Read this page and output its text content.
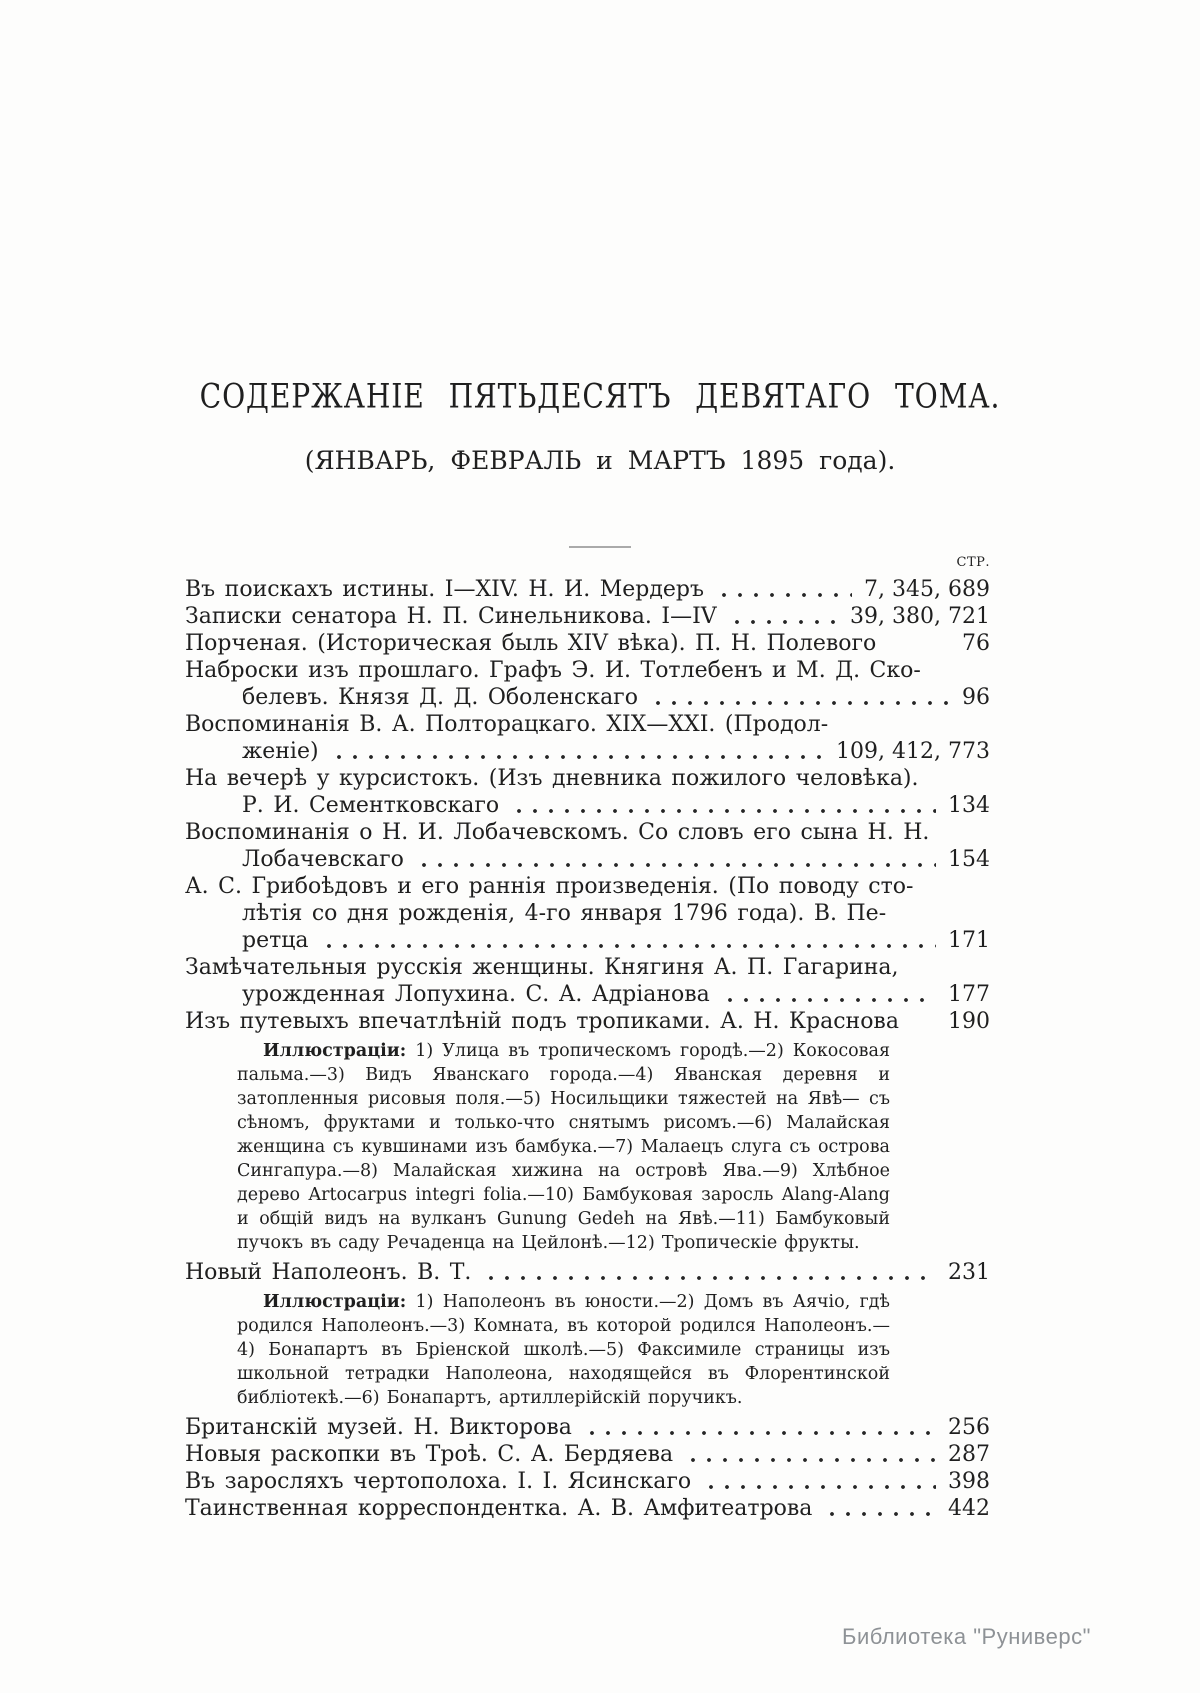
СОДЕРЖАНІЕ ПЯТЬДЕСЯТЪ ДЕВЯТАГО ТОМА.
(ЯНВАРЬ, ФЕВРАЛЬ и МАРТЪ 1895 года).
СТР.
Въ поискахъ истины. I—XIV. Н. И. Мердеръ	7, 345, 689
Записки сенатора Н. П. Синельникова. I—IV	39, 380, 721
Порченая. (Историческая быль XIV вѣка). П. Н. Полевого	76
Наброски изъ прошлаго. Графъ Э. И. Тотлебенъ и М. Д. Ско-
белевъ. Князя Д. Д. Оболенскаго	96
Воспоминанія В. А. Полторацкаго. XIX—XXI. (Продол-
женіе)	109, 412, 773
На вечерѣ у курсистокъ. (Изъ дневника пожилого человѣка).
Р. И. Сементковскаго	134
Воспоминанія о Н. И. Лобачевскомъ. Со словъ его сына Н. Н.
Лобачевскаго	154
А. С. Грибоѣдовъ и его раннія произведенія. (По поводу сто-
лѣтія со дня рожденія, 4-го января 1796 года). В. Пе-
ретца	171
Замѣчательныя русскія женщины. Княгиня А. П. Гагарина,
урожденная Лопухина. С. А. Адріанова	177
Изъ путевыхъ впечатлѣній подъ тропиками. А. Н. Краснова 190
Иллюстраціи: 1) Улица въ тропическомъ городѣ.—2) Кокосовая пальма.—3) Видъ Яванскаго города.—4) Яванская деревня и затопленныя рисовыя поля.—5) Носильщики тяжестей на Явѣ— съ сѣномъ, фруктами и только-что снятымъ рисомъ.—6) Малайская женщина съ кувшинами изъ бамбука.—7) Малаецъ слуга съ острова Сингапура.—8) Малайская хижина на островѣ Ява.—9) Хлѣбное дерево Artocarpus integri folia.—10) Бамбуковая заросль Alang-Alang и общій видъ на вулканъ Gunung Gedeh на Явѣ.—11) Бамбуковый пучокъ въ саду Речаденца на Цейлонѣ.—12) Тропическіе фрукты.
Новый Наполеонъ. В. Т.	231
Иллюстраціи: 1) Наполеонъ въ юности.—2) Домъ въ Аячіо, гдѣ родился Наполеонъ.—3) Комната, въ которой родился Наполеонъ.—4) Бонапартъ въ Бріенской школѣ.—5) Факсимиле страницы изъ школьной тетрадки Наполеона, находящейся въ Флорентинской библіотекѣ.—6) Бонапартъ, артиллерійскій поручикъ.
Британскій музей. Н. Викторова	256
Новыя раскопки въ Троѣ. С. А. Бердяева	287
Въ заросляхъ чертополоха. І. І. Ясинскаго	398
Таинственная корреспондентка. А. В. Амфитеатрова	442
Библиотека "Руниверс"
